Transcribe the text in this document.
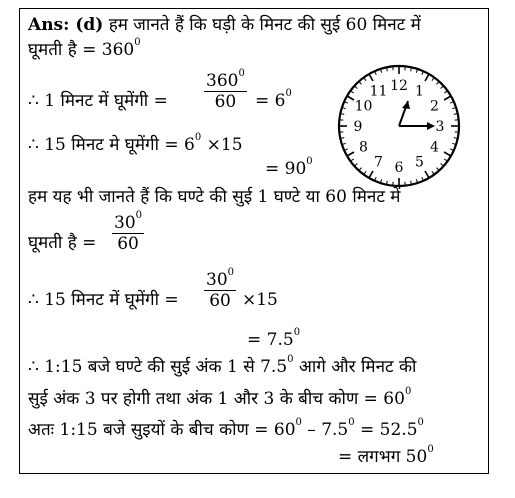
Ans: (d) हम जानते हैं कि घड़ी के मिनट की सुई 60 मिनट में
घूमती है = $360^0$
∴ 1 मिनट में घूमेंगी = $\frac{360^0}{60} = 6^0$
∴ 15 मिनट मे घूमेंगी = $6^0 \times 15$
= $90^0$
हम यह भी जानते हैं कि घण्टे की सुई 1 घण्टे या 60 मिनट में
घूमती है = $\frac{30^0}{60}$
∴ 15 मिनट में घूमेंगी = $\frac{30^0}{60} \times 15$
= $7.5^0$
∴ 1:15 बजे घण्टे की सुई अंक 1 से $7.5^0$ आगे और मिनट की
सुई अंक 3 पर होगी तथा अंक 1 और 3 के बीच कोण = $60^0$
अतः 1:15 बजे सुइयों के बीच कोण = $60^0 - 7.5^0 = 52.5^0$
= लगभग $50^0$
12 1
2
3
4
5
6
7
8
9
10
11
